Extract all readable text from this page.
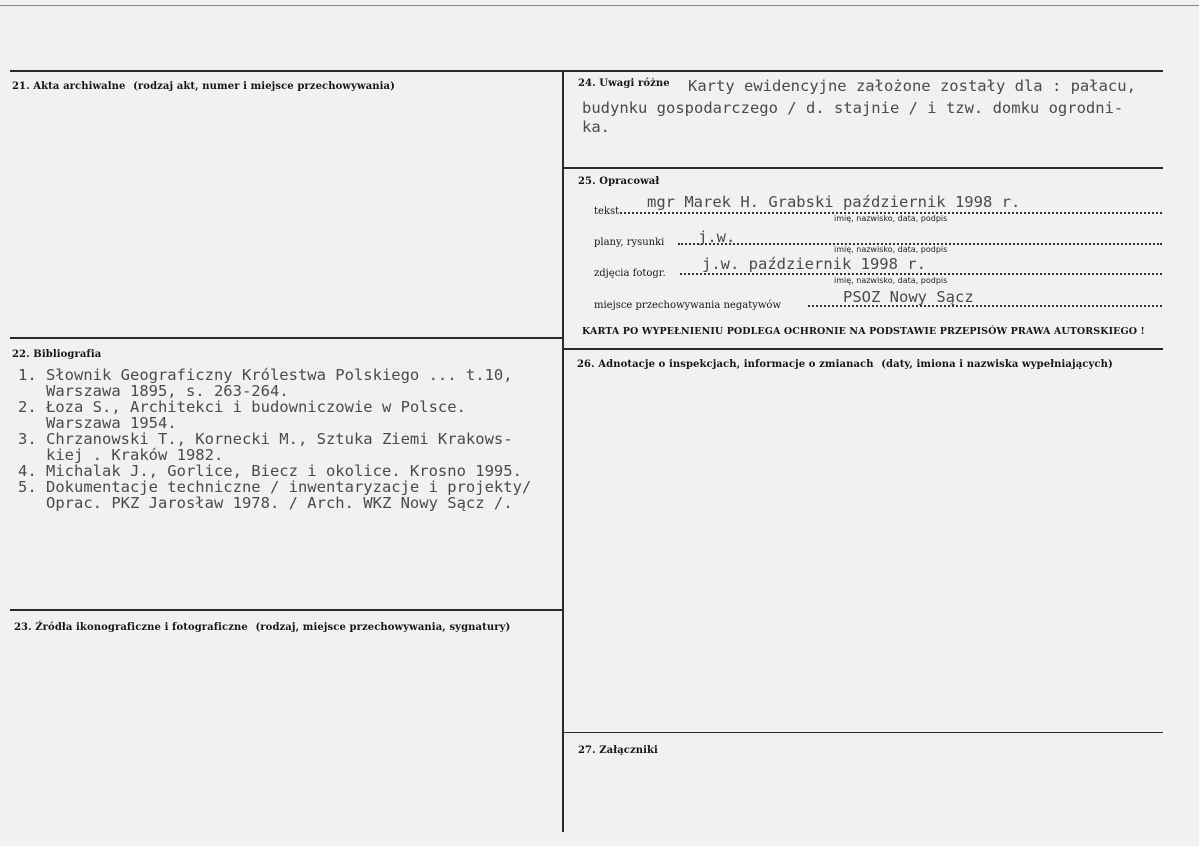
21. Akta archiwalne (rodzaj akt, numer i miejsce przechowywania)
22. Bibliografia
1. Słownik Geograficzny Królestwa Polskiego ... t.10,
Warszawa 1895, s. 263-264.
2. Łoza S., Architekci i budowniczowie w Polsce.
Warszawa 1954.
3. Chrzanowski T., Kornecki M., Sztuka Ziemi Krakows-
kiej . Kraków 1982.
4. Michalak J., Gorlice, Biecz i okolice. Krosno 1995.
5. Dokumentacje techniczne / inwentaryzacje i projekty/
Oprac. PKZ Jarosław 1978. / Arch. WKZ Nowy Sącz /.
23. Źródła ikonograficzne i fotograficzne (rodzaj, miejsce przechowywania, sygnatury)
24. Uwagi różne Karty ewidencyjne założone zostały dla : pałacu,
budynku gospodarczego / d. stajnie / i tzw. domku ogrodni-
ka.
25. Opracował
tekst
mgr Marek H. Grabski październik 1998 r.
imię, nazwisko, data, podpis
plany, rysunki j.w.
imię, nazwisko, data, podpis
j.w. październik 1998 r.
zdjęcia fotogr.
imię, nazwisko, data, podpis
miejsce przechowywania negatywów	PSOZ Nowy Sącz
KARTA PO WYPEŁNIENIU PODLEGA OCHRONIE NA PODSTAWIE PRZEPISÓW PRAWA AUTORSKIEGO !
26. Adnotacje o inspekcjach, informacje o zmianach (daty, imiona i nazwiska wypełniających)
27. Załączniki
